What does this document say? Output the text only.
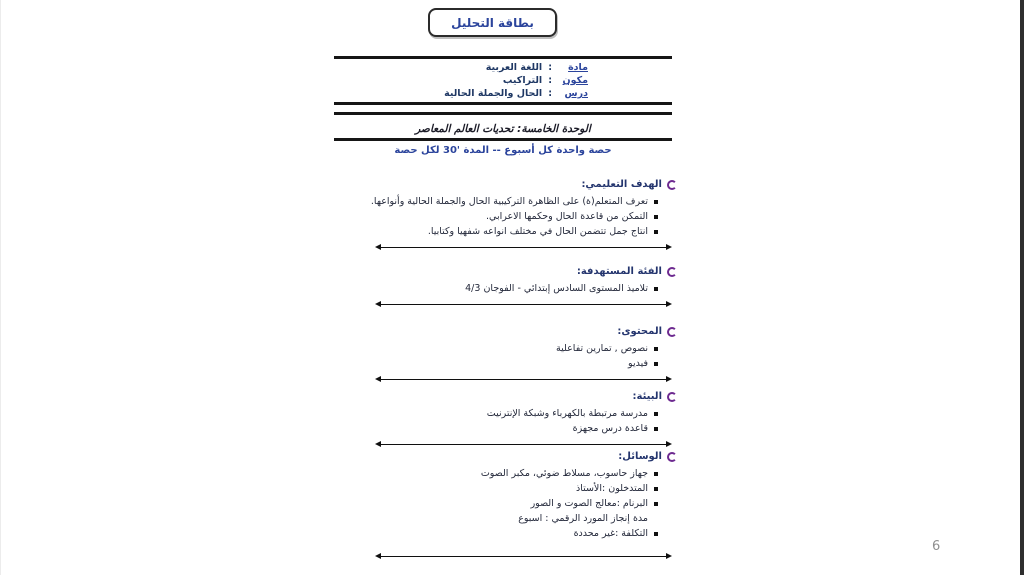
بطاقة التحليل
مادة
:
اللغة العربية
مكون
:
التراكيب
درس
:
الحال والجملة الحالية
الوحدة الخامسة: تحديات العالم المعاصر
حصة واحدة كل أسبوع -- المدة '30 لكل حصة
الهدف التعليمي:
تعرف المتعلم(ة) على الظاهرة التركيبية الحال والجملة الحالية وأنواعها.
التمكن من قاعدة الحال وحكمها الاعرابي.
انتاج جمل تتضمن الحال في مختلف انواعه شفهيا وكتابيا.
الفئة المستهدفة:
تلاميذ المستوى السادس إبتدائي - الفوجان 4/3
المحتوى:
نصوص , تمارين تفاعلية
فيديو
البيئة:
مدرسة مرتبطة بالكهرباء وشبكة الإنترنيت
قاعدة درس مجهزة
الوسائل:
جهاز حاسوب، مسلاط ضوئي، مكبر الصوت
المتدخلون :الأستاذ
البرنام :معالج الصوت و الصور
مدة إنجاز المورد الرقمي : اسبوع
التكلفة :غير محددة
6
